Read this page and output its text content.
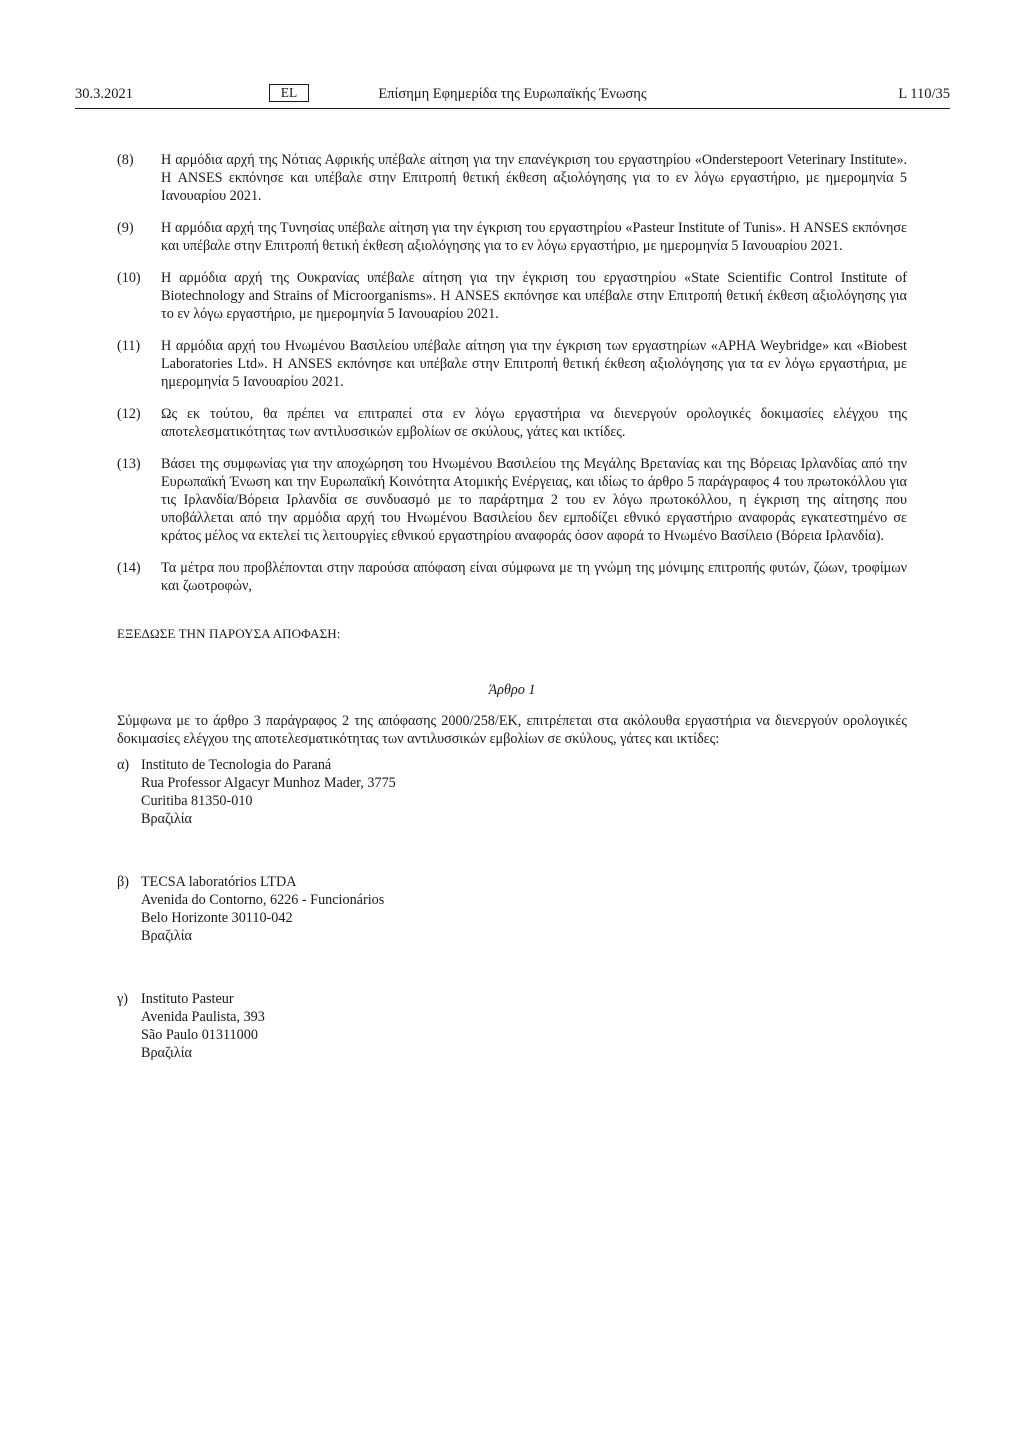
30.3.2021	EL	Επίσημη Εφημερίδα της Ευρωπαϊκής Ένωσης	L 110/35
(8) Η αρμόδια αρχή της Νότιας Αφρικής υπέβαλε αίτηση για την επανέγκριση του εργαστηρίου «Onderstepoort Veterinary Institute». Η ANSES εκπόνησε και υπέβαλε στην Επιτροπή θετική έκθεση αξιολόγησης για το εν λόγω εργαστήριο, με ημερομηνία 5 Ιανουαρίου 2021.
(9) Η αρμόδια αρχή της Τυνησίας υπέβαλε αίτηση για την έγκριση του εργαστηρίου «Pasteur Institute of Tunis». Η ANSES εκπόνησε και υπέβαλε στην Επιτροπή θετική έκθεση αξιολόγησης για το εν λόγω εργαστήριο, με ημερομηνία 5 Ιανουαρίου 2021.
(10) Η αρμόδια αρχή της Ουκρανίας υπέβαλε αίτηση για την έγκριση του εργαστηρίου «State Scientific Control Institute of Biotechnology and Strains of Microorganisms». Η ANSES εκπόνησε και υπέβαλε στην Επιτροπή θετική έκθεση αξιολόγησης για το εν λόγω εργαστήριο, με ημερομηνία 5 Ιανουαρίου 2021.
(11) Η αρμόδια αρχή του Ηνωμένου Βασιλείου υπέβαλε αίτηση για την έγκριση των εργαστηρίων «APHA Weybridge» και «Biobest Laboratories Ltd». Η ANSES εκπόνησε και υπέβαλε στην Επιτροπή θετική έκθεση αξιολόγησης για τα εν λόγω εργαστήρια, με ημερομηνία 5 Ιανουαρίου 2021.
(12) Ως εκ τούτου, θα πρέπει να επιτραπεί στα εν λόγω εργαστήρια να διενεργούν ορολογικές δοκιμασίες ελέγχου της αποτελεσματικότητας των αντιλυσσικών εμβολίων σε σκύλους, γάτες και ικτίδες.
(13) Βάσει της συμφωνίας για την αποχώρηση του Ηνωμένου Βασιλείου της Μεγάλης Βρετανίας και της Βόρειας Ιρλανδίας από την Ευρωπαϊκή Ένωση και την Ευρωπαϊκή Κοινότητα Ατομικής Ενέργειας, και ιδίως το άρθρο 5 παράγραφος 4 του πρωτοκόλλου για τις Ιρλανδία/Βόρεια Ιρλανδία σε συνδυασμό με το παράρτημα 2 του εν λόγω πρωτοκόλλου, η έγκριση της αίτησης που υποβάλλεται από την αρμόδια αρχή του Ηνωμένου Βασιλείου δεν εμποδίζει εθνικό εργαστήριο αναφοράς εγκατεστημένο σε κράτος μέλος να εκτελεί τις λειτουργίες εθνικού εργαστηρίου αναφοράς όσον αφορά το Ηνωμένο Βασίλειο (Βόρεια Ιρλανδία).
(14) Τα μέτρα που προβλέπονται στην παρούσα απόφαση είναι σύμφωνα με τη γνώμη της μόνιμης επιτροπής φυτών, ζώων, τροφίμων και ζωοτροφών,
ΕΞΕΔΩΣΕ ΤΗΝ ΠΑΡΟΥΣΑ ΑΠΟΦΑΣΗ:
Άρθρο 1
Σύμφωνα με το άρθρο 3 παράγραφος 2 της απόφασης 2000/258/ΕΚ, επιτρέπεται στα ακόλουθα εργαστήρια να διενεργούν ορολογικές δοκιμασίες ελέγχου της αποτελεσματικότητας των αντιλυσσικών εμβολίων σε σκύλους, γάτες και ικτίδες:
α) Instituto de Tecnologia do Paraná
Rua Professor Algacyr Munhoz Mader, 3775
Curitiba 81350-010
Βραζιλία
β) TECSA laboratórios LTDA
Avenida do Contorno, 6226 - Funcionários
Belo Horizonte 30110-042
Βραζιλία
γ) Instituto Pasteur
Avenida Paulista, 393
São Paulo 01311000
Βραζιλία
